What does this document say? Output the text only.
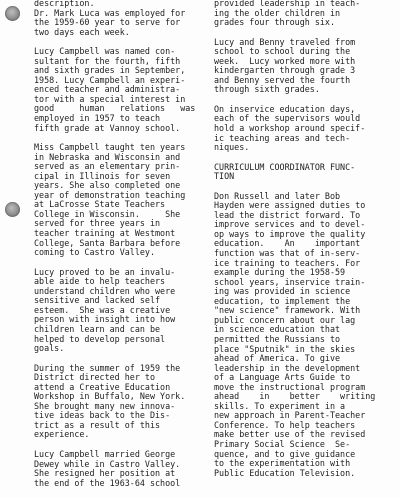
description.
Dr. Mark Luca was employed for
the 1959-60 year to serve for
two days each week.
Lucy Campbell was named con-
sultant for the fourth, fifth
and sixth grades in September,
1958. Lucy Campbell an experi-
enced teacher and administra-
tor with a special interest in
good     human   relations   was
employed in 1957 to teach
fifth grade at Vannoy school.
Miss Campbell taught ten years
in Nebraska and Wisconsin and
served as an elementary prin-
cipal in Illinois for seven
years. She also completed one
year of demonstration teaching
at LaCrosse State Teachers
College in Wisconsin.     She
served for three years in
teacher training at Westmont
College, Santa Barbara before
coming to Castro Valley.
Lucy proved to be an invalu-
able aide to help teachers
understand children who were
sensitive and lacked self
esteem.  She was a creative
person with insight into how
children learn and can be
helped to develop personal
goals.
During the summer of 1959 the
District directed her to
attend a Creative Education
Workshop in Buffalo, New York.
She brought many new innova-
tive ideas back to the Dis-
trict as a result of this
experience.
Lucy Campbell married George
Dewey while in Castro Valley.
She resigned her position at
the end of the 1963-64 school
provided leadership in teach-
ing the older children in
grades four through six.
Lucy and Benny traveled from
school to school during the
week.  Lucy worked more with
kindergarten through grade 3
and Benny served the fourth
through sixth grades.
On inservice education days,
each of the supervisors would
hold a workshop around specif-
ic teaching areas and tech-
niques.
CURRICULUM COORDINATOR FUNC-
TION
Don Russell and later Bob
Hayden were assigned duties to
lead the district forward. To
improve services and to devel-
op ways to improve the quality
education.    An    important
function was that of in-serv-
ice training to teachers. For
example during the 1958-59
school years, inservice train-
ing was provided in science
education, to implement the
"new science" framework. With
public concern about our lag
in science education that
permitted the Russians to
place "Sputnik" in the skies
ahead of America. To give
leadership in the development
of a Language Arts Guide to
move the instructional program
ahead    in    better    writing
skills. To experiment in a
new approach in Parent-Teacher
Conference. To help teachers
make better use of the revised
Primary Social Science  Se-
quence, and to give guidance
to the experimentation with
Public Education Television.
